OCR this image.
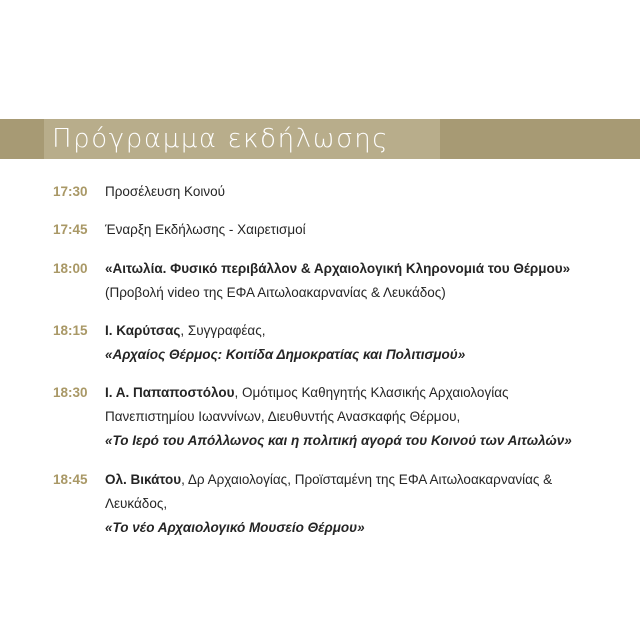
Πρόγραμμα εκδήλωσης
17:30 Προσέλευση Κοινού
17:45 Έναρξη Εκδήλωσης - Χαιρετισμοί
18:00 «Αιτωλία. Φυσικό περιβάλλον & Αρχαιολογική Κληρονομιά του Θέρμου»
(Προβολή video της ΕΦΑ Αιτωλοακαρνανίας & Λευκάδος)
18:15 Ι. Καρύτσας, Συγγραφέας,
«Αρχαίος Θέρμος: Κοιτίδα Δημοκρατίας και Πολιτισμού»
18:30 Ι. Α. Παπαποστόλου, Ομότιμος Καθηγητής Κλασικής Αρχαιολογίας
Πανεπιστημίου Ιωαννίνων, Διευθυντής Ανασκαφής Θέρμου,
«Το Ιερό του Απόλλωνος και η πολιτική αγορά του Κοινού των Αιτωλών»
18:45 Ολ. Βικάτου, Δρ Αρχαιολογίας, Προϊσταμένη της ΕΦΑ Αιτωλοακαρνανίας &
Λευκάδος,
«Το νέο Αρχαιολογικό Μουσείο Θέρμου»
